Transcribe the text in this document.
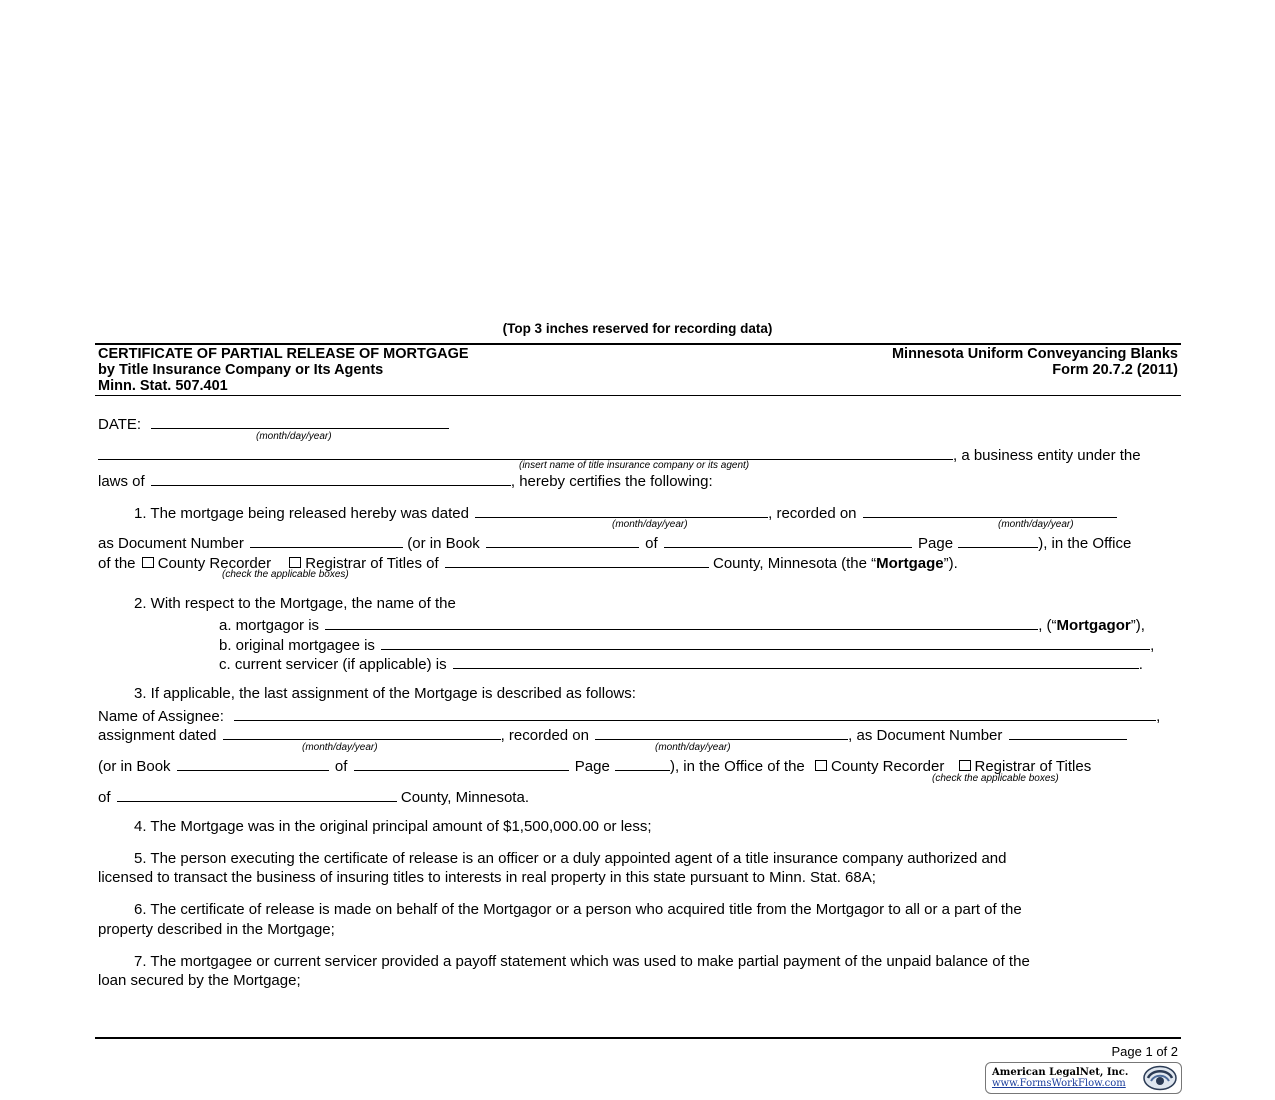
(Top 3 inches reserved for recording data)
CERTIFICATE OF PARTIAL RELEASE OF MORTGAGE
by Title Insurance Company or Its Agents
Minn. Stat. 507.401
Minnesota Uniform Conveyancing Blanks
Form 20.7.2 (2011)
DATE:
(month/day/year)
, a business entity under the
(insert name of title insurance company or its agent)
laws of	, hereby certifies the following:
1. The mortgage being released hereby was dated	, recorded on
(month/day/year)	(month/day/year)
as Document Number	(or in Book	of	Page	), in the Office
of the County Recorder Registrar of Titles of	County, Minnesota (the “Mortgage”).
(check the applicable boxes)
2. With respect to the Mortgage, the name of the
a. mortgagor is	, (“Mortgagor”),
b. original mortgagee is	,
c. current servicer (if applicable) is	.
3. If applicable, the last assignment of the Mortgage is described as follows:
Name of Assignee:	,
assignment dated	, recorded on	, as Document Number
(month/day/year)	(month/day/year)
(or in Book	of	Page	), in the Office of the County Recorder Registrar of Titles
(check the applicable boxes)
of	County, Minnesota.
4. The Mortgage was in the original principal amount of $1,500,000.00 or less;
5. The person executing the certificate of release is an officer or a duly appointed agent of a title insurance company authorized and
licensed to transact the business of insuring titles to interests in real property in this state pursuant to Minn. Stat. 68A;
6. The certificate of release is made on behalf of the Mortgagor or a person who acquired title from the Mortgagor to all or a part of the
property described in the Mortgage;
7. The mortgagee or current servicer provided a payoff statement which was used to make partial payment of the unpaid balance of the
loan secured by the Mortgage;
Page 1 of 2
American LegalNet, Inc.
www.FormsWorkFlow.com
